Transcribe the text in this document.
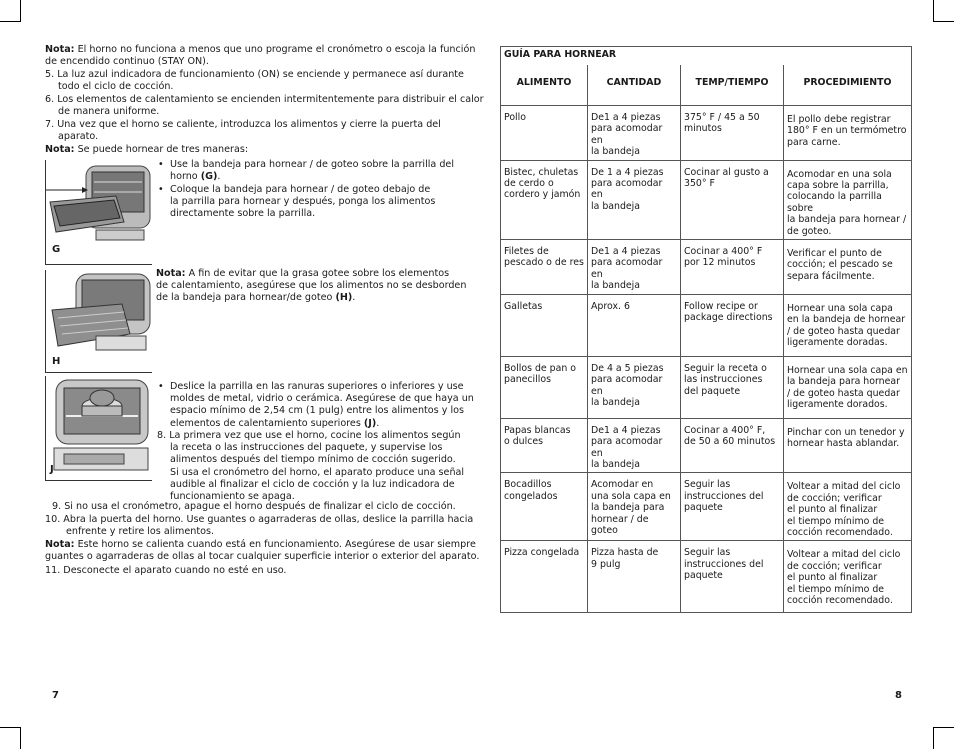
Nota: El horno no funciona a menos que uno programe el cronómetro o escoja la función
de encendido continuo (STAY ON).
5. La luz azul indicadora de funcionamiento (ON) se enciende y permanece así durante
todo el ciclo de cocción.
6. Los elementos de calentamiento se encienden intermitentemente para distribuir el calor
de manera uniforme.
7. Una vez que el horno se caliente, introduzca los alimentos y cierre la puerta del
aparato.
Nota: Se puede hornear de tres maneras:
G
• Use la bandeja para hornear / de goteo sobre la parrilla del
horno (G).
• Coloque la bandeja para hornear / de goteo debajo de
la parrilla para hornear y después, ponga los alimentos
directamente sobre la parrilla.
H
Nota: A fin de evitar que la grasa gotee sobre los elementos
de calentamiento, asegúrese que los alimentos no se desborden
de la bandeja para hornear/de goteo (H).
J
• Deslice la parrilla en las ranuras superiores o inferiores y use
moldes de metal, vidrio o cerámica. Asegúrese de que haya un
espacio mínimo de 2,54 cm (1 pulg) entre los alimentos y los
elementos de calentamiento superiores (J).
8. La primera vez que use el horno, cocine los alimentos según
la receta o las instrucciones del paquete, y supervise los
alimentos después del tiempo mínimo de cocción sugerido.
Si usa el cronómetro del horno, el aparato produce una señal
audible al finalizar el ciclo de cocción y la luz indicadora de
funcionamiento se apaga.
9. Si no usa el cronómetro, apague el horno después de finalizar el ciclo de cocción.
10. Abra la puerta del horno. Use guantes o agarraderas de ollas, deslice la parrilla hacia
enfrente y retire los alimentos.
Nota: Este horno se calienta cuando está en funcionamiento. Asegúrese de usar siempre
guantes o agarraderas de ollas al tocar cualquier superficie interior o exterior del aparato.
11. Desconecte el aparato cuando no esté en uso.
7
GUÍA PARA HORNEAR			
ALIMENTO	CANTIDAD	TEMP/TIEMPO	PROCEDIMIENTO
Pollo	De1 a 4 piezas
para acomodar en
la bandeja	375° F / 45 a 50
minutos	El pollo debe registrar
180° F en un termómetro
para carne.
Bistec, chuletas
de cerdo o
cordero y jamón	De 1 a 4 piezas
para acomodar en
la bandeja	Cocinar al gusto a
350° F	Acomodar en una sola
capa sobre la parrilla,
colocando la parrilla sobre
la bandeja para hornear /
de goteo.
Filetes de
pescado o de res	De1 a 4 piezas
para acomodar en
la bandeja	Cocinar a 400° F
por 12 minutos	Verificar el punto de
cocción; el pescado se
separa fácilmente.
Galletas	Aprox. 6	Follow recipe or
package directions	Hornear una sola capa
en la bandeja de hornear
/ de goteo hasta quedar
ligeramente doradas.
Bollos de pan o
panecillos	De 4 a 5 piezas
para acomodar en
la bandeja	Seguir la receta o
las instrucciones
del paquete	Hornear una sola capa en
la bandeja para hornear
/ de goteo hasta quedar
ligeramente dorados.
Papas blancas
o dulces	De1 a 4 piezas
para acomodar en
la bandeja	Cocinar a 400° F,
de 50 a 60 minutos	Pinchar con un tenedor y
hornear hasta ablandar.
Bocadillos
congelados	Acomodar en
una sola capa en
la bandeja para
hornear / de goteo	Seguir las
instrucciones del
paquete	Voltear a mitad del ciclo
de cocción; verificar
el punto al finalizar
el tiempo mínimo de
cocción recomendado.
Pizza congelada	Pizza hasta de
9 pulg	Seguir las
instrucciones del
paquete	Voltear a mitad del ciclo
de cocción; verificar
el punto al finalizar
el tiempo mínimo de
cocción recomendado.
8
